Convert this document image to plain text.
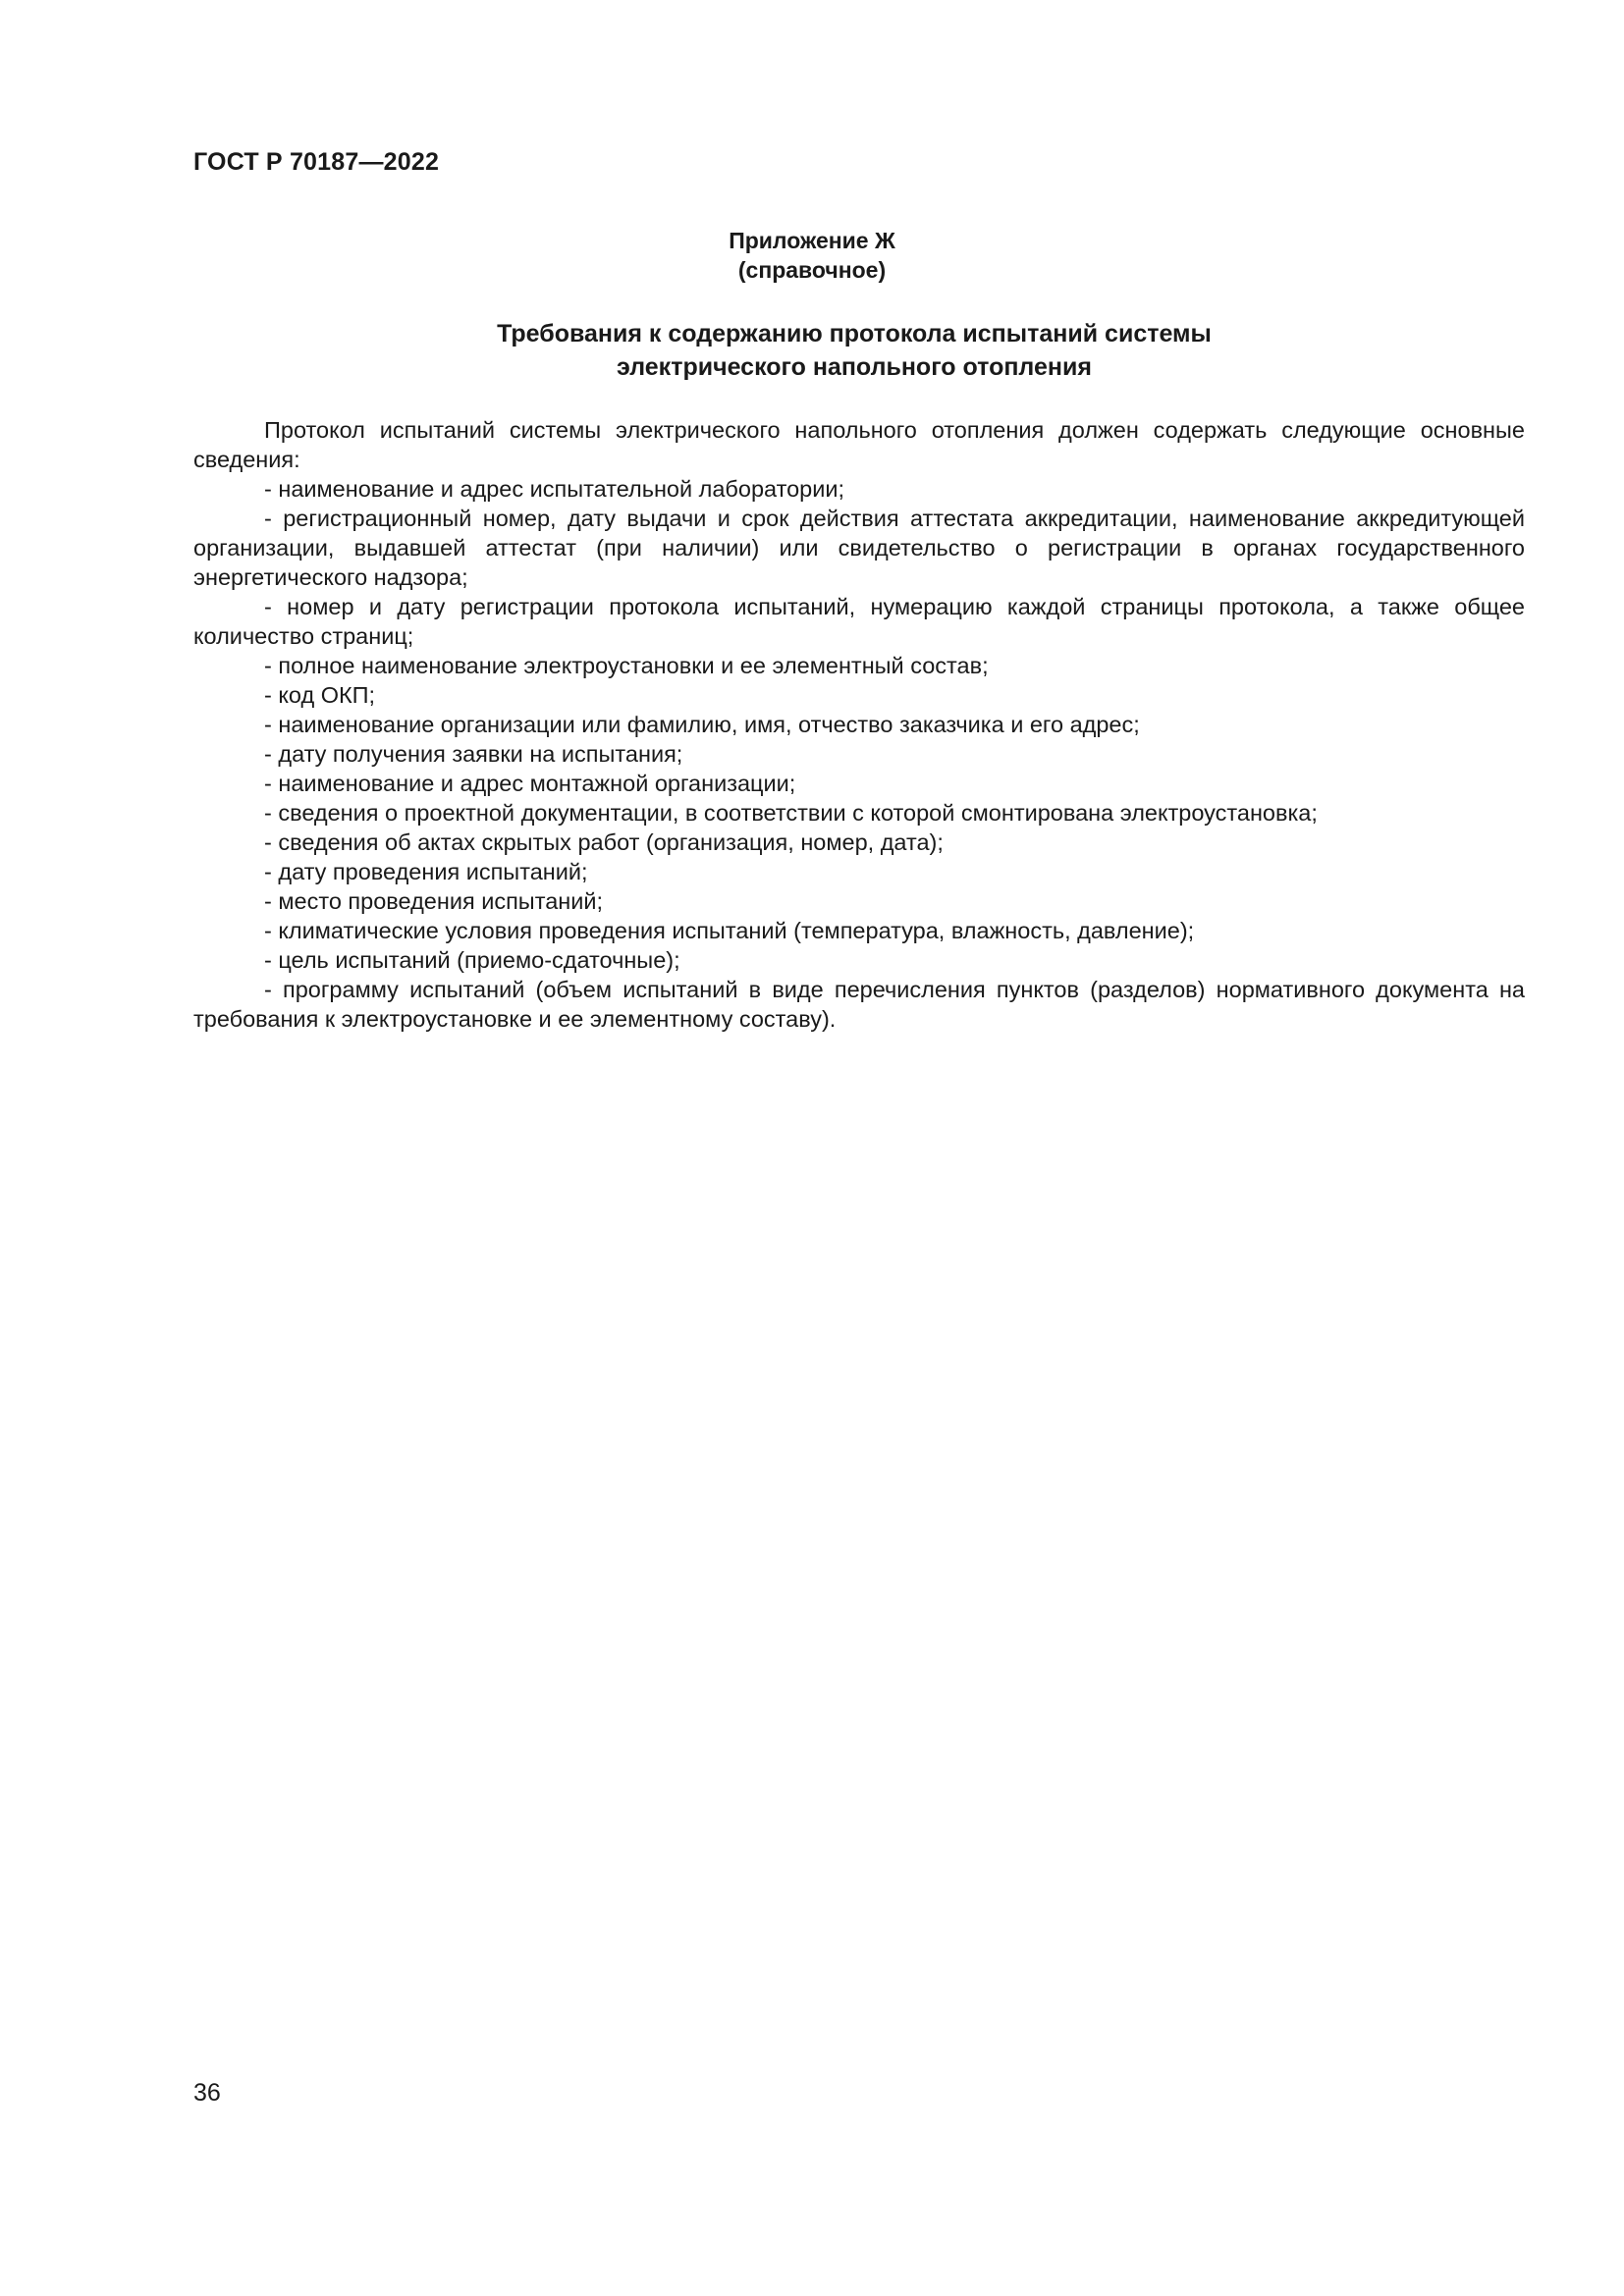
ГОСТ Р 70187—2022
Приложение Ж
(справочное)
Требования к содержанию протокола испытаний системы
электрического напольного отопления

Протокол испытаний системы электрического напольного отопления должен содержать следующие основные сведения:

- наименование и адрес испытательной лаборатории;

- регистрационный номер, дату выдачи и срок действия аттестата аккредитации, наименование аккредитующей организации, выдавшей аттестат (при наличии) или свидетельство о регистрации в органах государственного энергетического надзора;

- номер и дату регистрации протокола испытаний, нумерацию каждой страницы протокола, а также общее количество страниц;

- полное наименование электроустановки и ее элементный состав;

- код ОКП;

- наименование организации или фамилию, имя, отчество заказчика и его адрес;

- дату получения заявки на испытания;

- наименование и адрес монтажной организации;

- сведения о проектной документации, в соответствии с которой смонтирована электроустановка;

- сведения об актах скрытых работ (организация, номер, дата);

- дату проведения испытаний;

- место проведения испытаний;

- климатические условия проведения испытаний (температура, влажность, давление);

- цель испытаний (приемо-сдаточные);

- программу испытаний (объем испытаний в виде перечисления пунктов (разделов) нормативного документа на требования к электроустановке и ее элементному составу).

36
